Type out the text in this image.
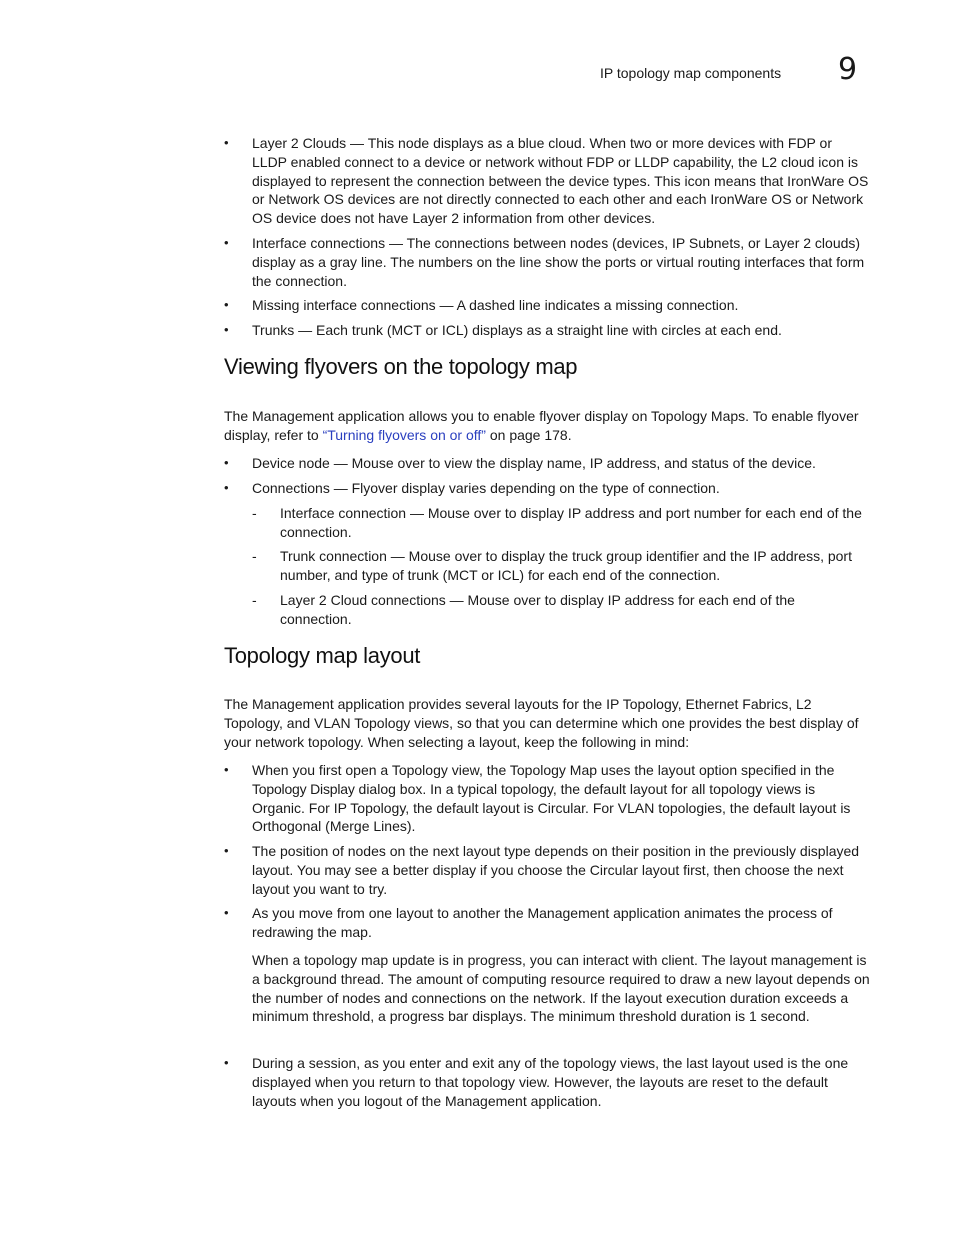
IP topology map components 9
•	Layer 2 Clouds — This node displays as a blue cloud. When two or more devices with FDP or LLDP enabled connect to a device or network without FDP or LLDP capability, the L2 cloud icon is displayed to represent the connection between the device types. This icon means that IronWare OS or Network OS devices are not directly connected to each other and each IronWare OS or Network OS device does not have Layer 2 information from other devices.
•	Interface connections — The connections between nodes (devices, IP Subnets, or Layer 2 clouds) display as a gray line. The numbers on the line show the ports or virtual routing interfaces that form the connection.
•	Missing interface connections — A dashed line indicates a missing connection.
•	Trunks — Each trunk (MCT or ICL) displays as a straight line with circles at each end.
Viewing flyovers on the topology map

The Management application allows you to enable flyover display on Topology Maps. To enable flyover display, refer to “Turning flyovers on or off” on page 178.

•	Device node — Mouse over to view the display name, IP address, and status of the device.
•	Connections — Flyover display varies depending on the type of connection.
- Interface connection — Mouse over to display IP address and port number for each end of the connection.
- Trunk connection — Mouse over to display the truck group identifier and the IP address, port number, and type of trunk (MCT or ICL) for each end of the connection.
- Layer 2 Cloud connections — Mouse over to display IP address for each end of the connection.
Topology map layout

The Management application provides several layouts for the IP Topology, Ethernet Fabrics, L2 Topology, and VLAN Topology views, so that you can determine which one provides the best display of your network topology. When selecting a layout, keep the following in mind:

•	When you first open a Topology view, the Topology Map uses the layout option specified in the Topology Display dialog box. In a typical topology, the default layout for all topology views is Organic. For IP Topology, the default layout is Circular. For VLAN topologies, the default layout is Orthogonal (Merge Lines).
•	The position of nodes on the next layout type depends on their position in the previously displayed layout. You may see a better display if you choose the Circular layout first, then choose the next layout you want to try.
•	As you move from one layout to another the Management application animates the process of redrawing the map.

When a topology map update is in progress, you can interact with client. The layout management is a background thread. The amount of computing resource required to draw a new layout depends on the number of nodes and connections on the network. If the layout execution duration exceeds a minimum threshold, a progress bar displays. The minimum threshold duration is 1 second.

•	During a session, as you enter and exit any of the topology views, the last layout used is the one displayed when you return to that topology view. However, the layouts are reset to the default layouts when you logout of the Management application.
